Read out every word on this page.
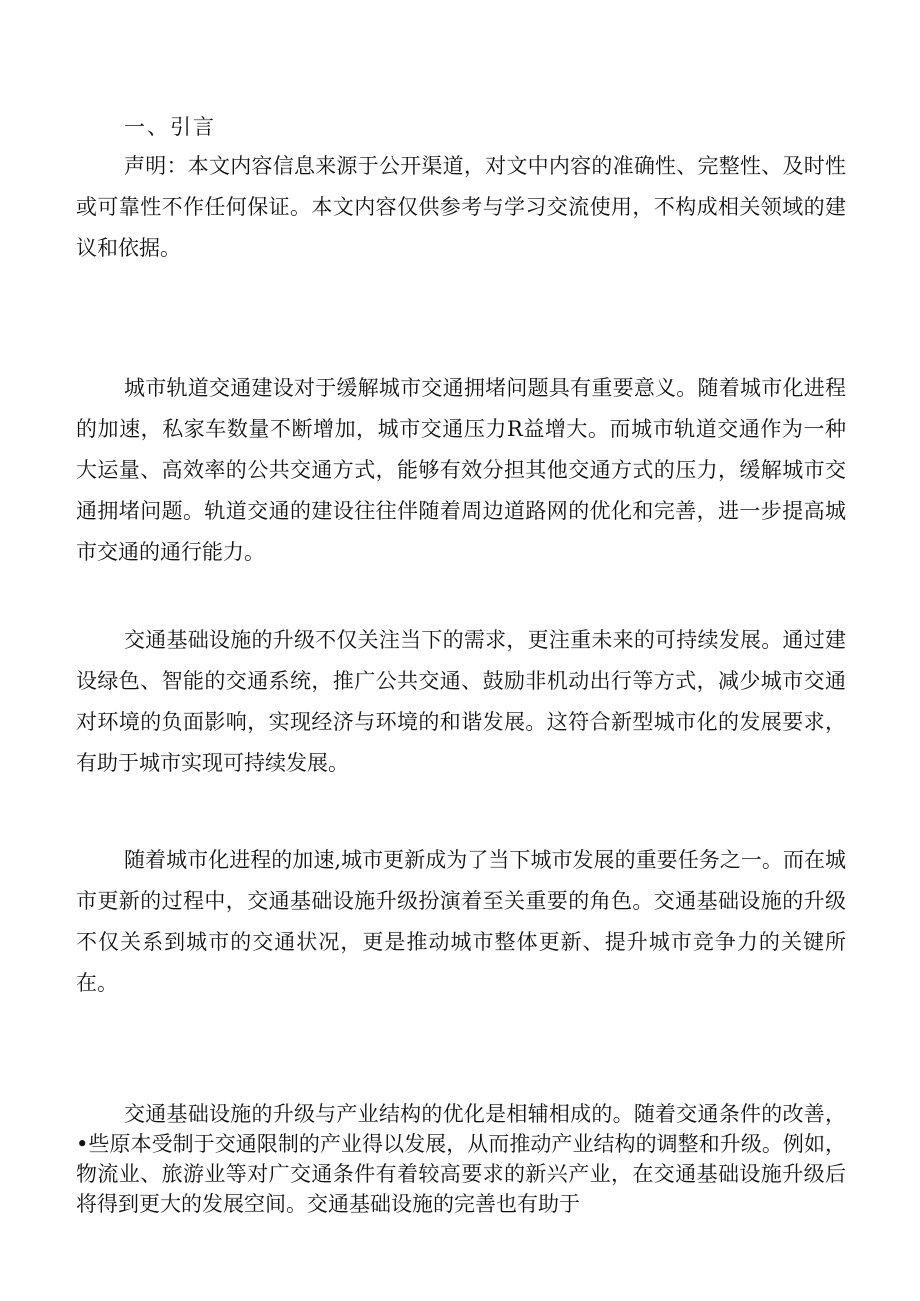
一、引言

声明：本文内容信息来源于公开渠道，对文中内容的准确性、完整性、及时性或可靠性不作任何保证。本文内容仅供参考与学习交流使用，不构成相关领域的建议和依据。

城市轨道交通建设对于缓解城市交通拥堵问题具有重要意义。随着城市化进程的加速，私家车数量不断增加，城市交通压力R益增大。而城市轨道交通作为一种大运量、高效率的公共交通方式，能够有效分担其他交通方式的压力，缓解城市交通拥堵问题。轨道交通的建设往往伴随着周边道路网的优化和完善，进一步提高城市交通的通行能力。

交通基础设施的升级不仅关注当下的需求，更注重未来的可持续发展。通过建设绿色、智能的交通系统，推广公共交通、鼓励非机动出行等方式，减少城市交通对环境的负面影响，实现经济与环境的和谐发展。这符合新型城市化的发展要求，有助于城市实现可持续发展。

随着城市化进程的加速,城市更新成为了当下城市发展的重要任务之一。而在城市更新的过程中，交通基础设施升级扮演着至关重要的角色。交通基础设施的升级不仅关系到城市的交通状况，更是推动城市整体更新、提升城市竞争力的关键所在。

交通基础设施的升级与产业结构的优化是相辅相成的。随着交通条件的改善，•些原本受制于交通限制的产业得以发展，从而推动产业结构的调整和升级。例如，物流业、旅游业等对广交通条件有着较高要求的新兴产业，在交通基础设施升级后将得到更大的发展空间。交通基础设施的完善也有助于
